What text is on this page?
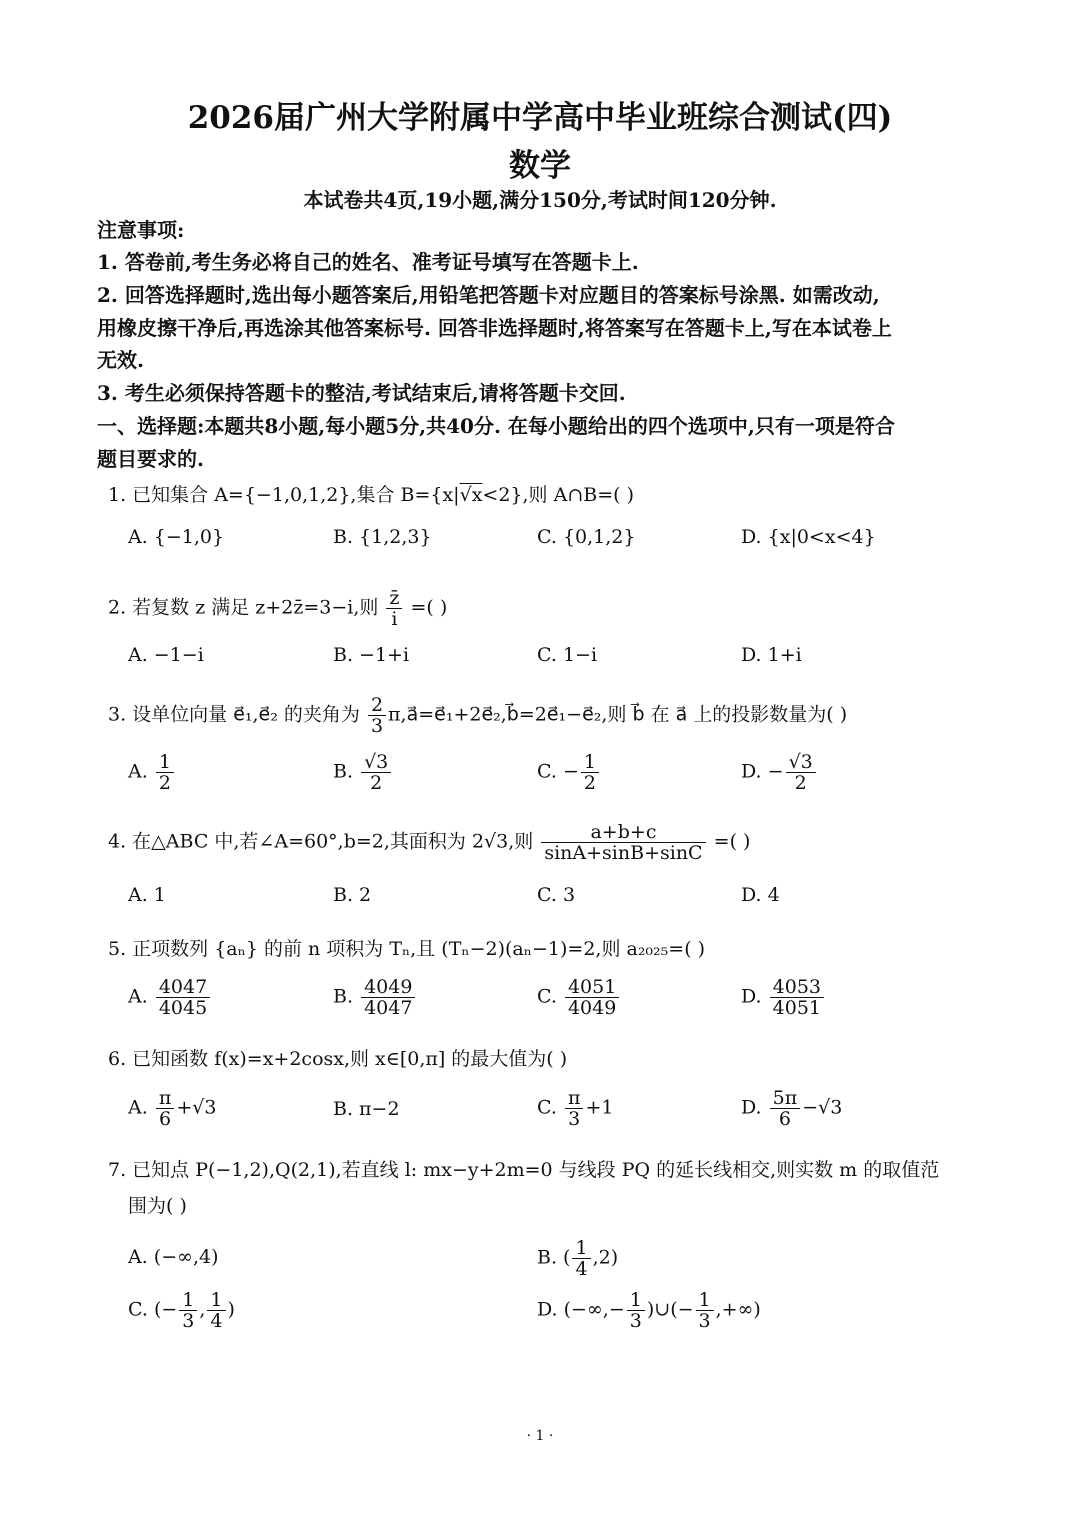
2026届广州大学附属中学高中毕业班综合测试(四)
数学
本试卷共4页,19小题,满分150分,考试时间120分钟.
注意事项:
1. 答卷前,考生务必将自己的姓名、准考证号填写在答题卡上.
2. 回答选择题时,选出每小题答案后,用铅笔把答题卡对应题目的答案标号涂黑. 如需改动,
用橡皮擦干净后,再选涂其他答案标号. 回答非选择题时,将答案写在答题卡上,写在本试卷上
无效.
3. 考生必须保持答题卡的整洁,考试结束后,请将答题卡交回.
一、选择题:本题共8小题,每小题5分,共40分. 在每小题给出的四个选项中,只有一项是符合
题目要求的.
1. 已知集合 A={−1,0,1,2},集合 B={x|√x<2},则 A∩B=( )
A. {−1,0}	B. {1,2,3}	C. {0,1,2}	D. {x|0<x<4}
2. 若复数 z 满足 z+2z̄=3−i,则 $\frac{z̄}{i}$ =( )
A. −1−i	B. −1+i	C. 1−i	D. 1+i
3. 设单位向量 e⃗₁,e⃗₂ 的夹角为 $\frac{2}{3}$ π,a⃗=e⃗₁+2e⃗₂,b⃗=2e⃗₁−e⃗₂,则 b⃗ 在 a⃗ 上的投影数量为( )
A. $\frac{1}{2}$	B. $\frac{√3}{2}$	C. − $\frac{1}{2}$	D. − $\frac{√3}{2}$
4. 在△ABC 中,若∠A=60°,b=2,其面积为 2√3,则 $\frac{a+b+c}{\sin A+\sin B+\sin C}$ =( )
A. 1	B. 2	C. 3	D. 4
5. 正项数列 {aₙ} 的前 n 项积为 Tₙ,且 (Tₙ−2)(aₙ−1)=2,则 a₂₀₂₅=( )
A. $\frac{4047}{4045}$	B. $\frac{4049}{4047}$	C. $\frac{4051}{4049}$	D. $\frac{4053}{4051}$
6. 已知函数 f(x)=x+2cosx,则 x∈[0,π] 的最大值为( )
A. $\frac{\pi}{6} +√3$	B. π−2	C. $\frac{\pi}{3} +1$	D. $\frac{5\pi}{6} -√3$
7. 已知点 P(−1,2),Q(2,1),若直线 l: mx−y+2m=0 与线段 PQ 的延长线相交,则实数 m 的取值范
围为( )
A. (−∞,4)	B. ( $\frac{1}{4} ,2$)
C. (− $\frac{1}{3}$ , $\frac{1}{4}$ )	D. (−∞,− $\frac{1}{3}$ )∪(− $\frac{1}{3}$ ,+∞)
· 1 ·
